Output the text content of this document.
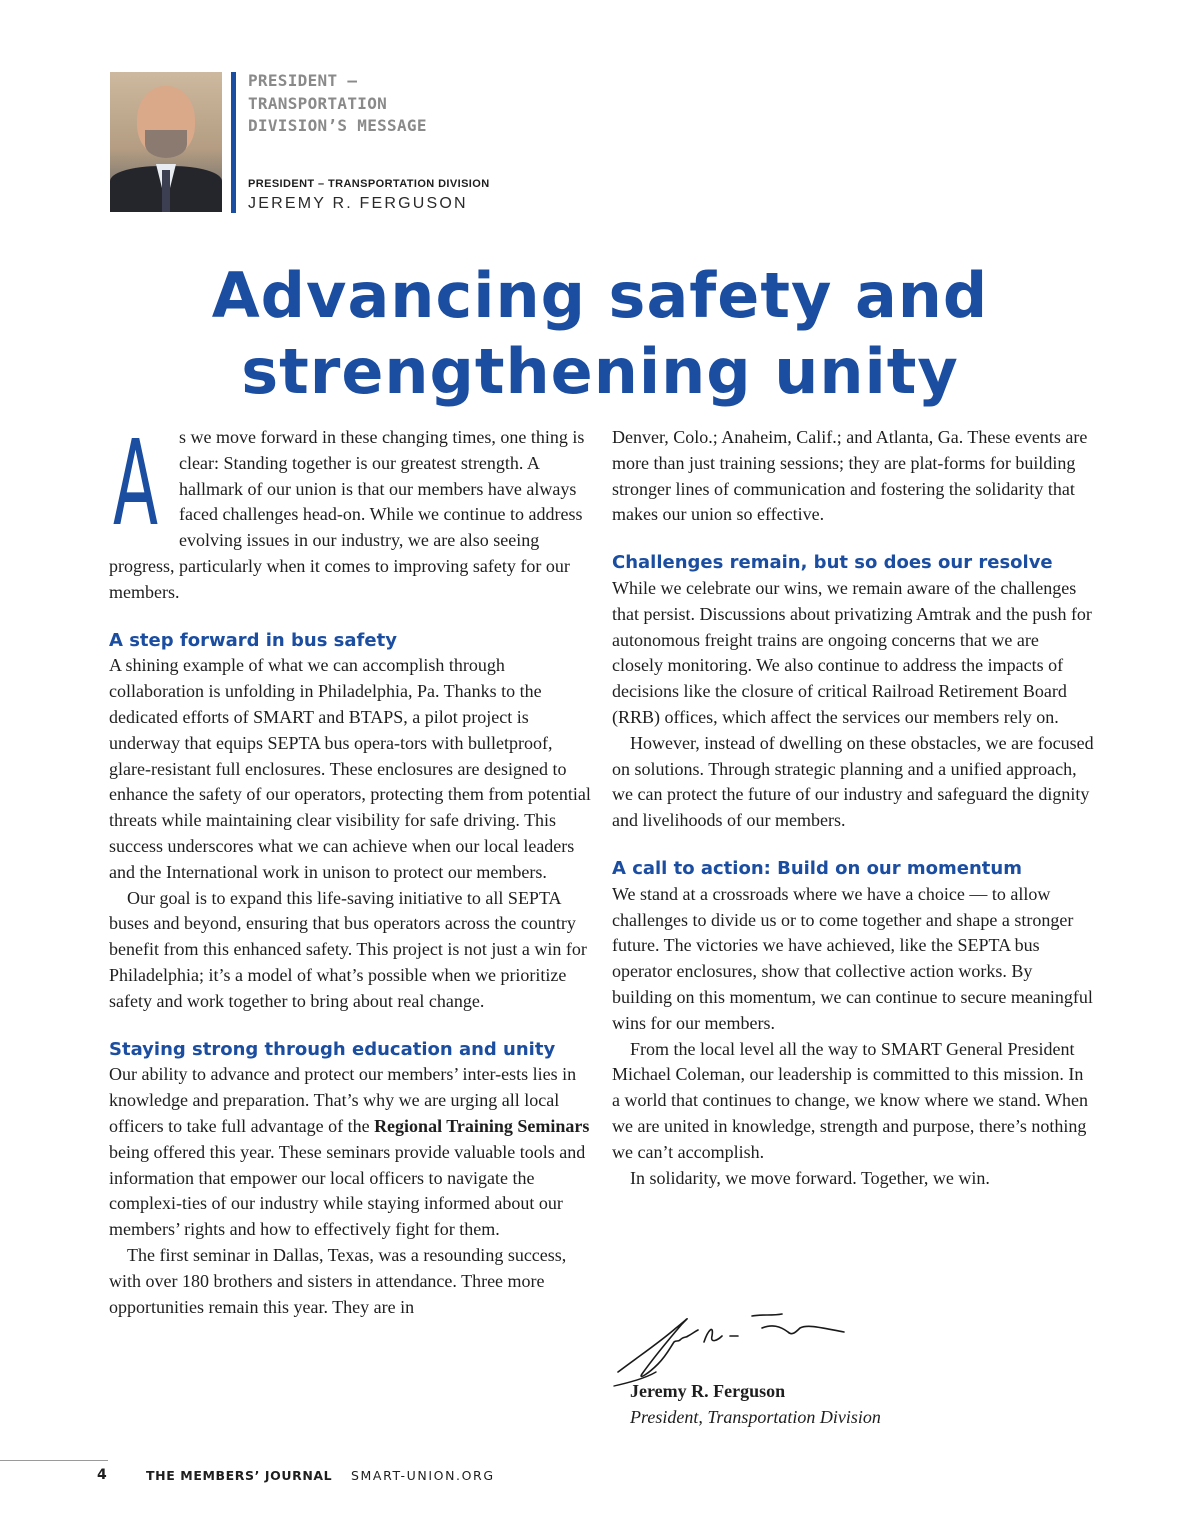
PRESIDENT – TRANSPORTATION DIVISION’S MESSAGE

PRESIDENT – TRANSPORTATION DIVISION
JEREMY R. FERGUSON
Advancing safety and
strengthening unity

A s we move forward in these changing times, one thing is clear: Standing together is our greatest strength. A hallmark of our union is that our members have always faced challenges head-on. While we continue to address evolving issues in our industry, we are also seeing progress, particularly when it comes to improving safety for our members.

A step forward in bus safety

A shining example of what we can accomplish through collaboration is unfolding in Philadelphia, Pa. Thanks to the dedicated efforts of SMART and BTAPS, a pilot project is underway that equips SEPTA bus opera-tors with bulletproof, glare-resistant full enclosures. These enclosures are designed to enhance the safety of our operators, protecting them from potential threats while maintaining clear visibility for safe driving. This success underscores what we can achieve when our local leaders and the International work in unison to protect our members.

Our goal is to expand this life-saving initiative to all SEPTA buses and beyond, ensuring that bus operators across the country benefit from this enhanced safety. This project is not just a win for Philadelphia; it’s a model of what’s possible when we prioritize safety and work together to bring about real change.

Staying strong through education and unity

Our ability to advance and protect our members’ inter-ests lies in knowledge and preparation. That’s why we are urging all local officers to take full advantage of the Regional Training Seminars being offered this year. These seminars provide valuable tools and information that empower our local officers to navigate the complexi-ties of our industry while staying informed about our members’ rights and how to effectively fight for them.

The first seminar in Dallas, Texas, was a resounding success, with over 180 brothers and sisters in attendance. Three more opportunities remain this year. They are in

Denver, Colo.; Anaheim, Calif.; and Atlanta, Ga. These events are more than just training sessions; they are plat-forms for building stronger lines of communication and fostering the solidarity that makes our union so effective.

Challenges remain, but so does our resolve

While we celebrate our wins, we remain aware of the challenges that persist. Discussions about privatizing Amtrak and the push for autonomous freight trains are ongoing concerns that we are closely monitoring. We also continue to address the impacts of decisions like the closure of critical Railroad Retirement Board (RRB) offices, which affect the services our members rely on.

However, instead of dwelling on these obstacles, we are focused on solutions. Through strategic planning and a unified approach, we can protect the future of our industry and safeguard the dignity and livelihoods of our members.

A call to action: Build on our momentum

We stand at a crossroads where we have a choice — to allow challenges to divide us or to come together and shape a stronger future. The victories we have achieved, like the SEPTA bus operator enclosures, show that collective action works. By building on this momentum, we can continue to secure meaningful wins for our members.

From the local level all the way to SMART General President Michael Coleman, our leadership is committed to this mission. In a world that continues to change, we know where we stand. When we are united in knowledge, strength and purpose, there’s nothing we can’t accomplish.

In solidarity, we move forward. Together, we win.

Jeremy R. Ferguson
President, Transportation Division
4	THE MEMBERS’ JOURNAL SMART-UNION.ORG
